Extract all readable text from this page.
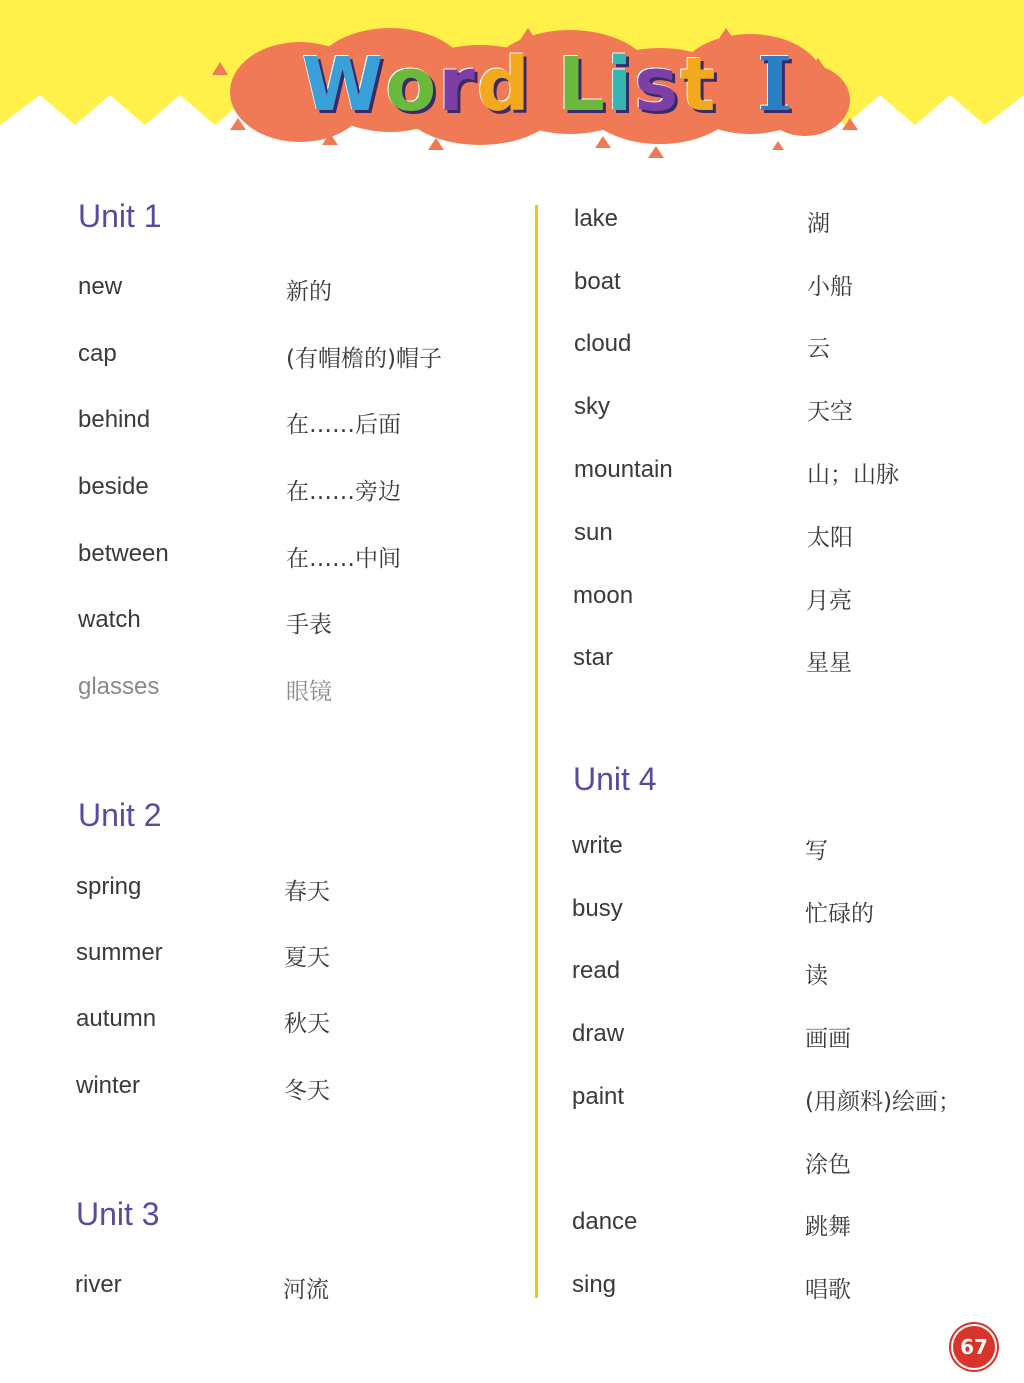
W o r d L i s t I
Unit 1
new	新的
cap	(有帽檐的)帽子
behind	在……后面
beside	在……旁边
between	在……中间
watch	手表
glasses	眼镜
Unit 2
spring	春天
summer	夏天
autumn	秋天
winter	冬天
Unit 3
river	河流
lake	湖
boat	小船
cloud	云
sky	天空
mountain	山；山脉
sun	太阳
moon	月亮
star	星星
Unit 4
write	写
busy	忙碌的
read	读
draw	画画
paint	(用颜料)绘画；
涂色
dance	跳舞
sing	唱歌
67
